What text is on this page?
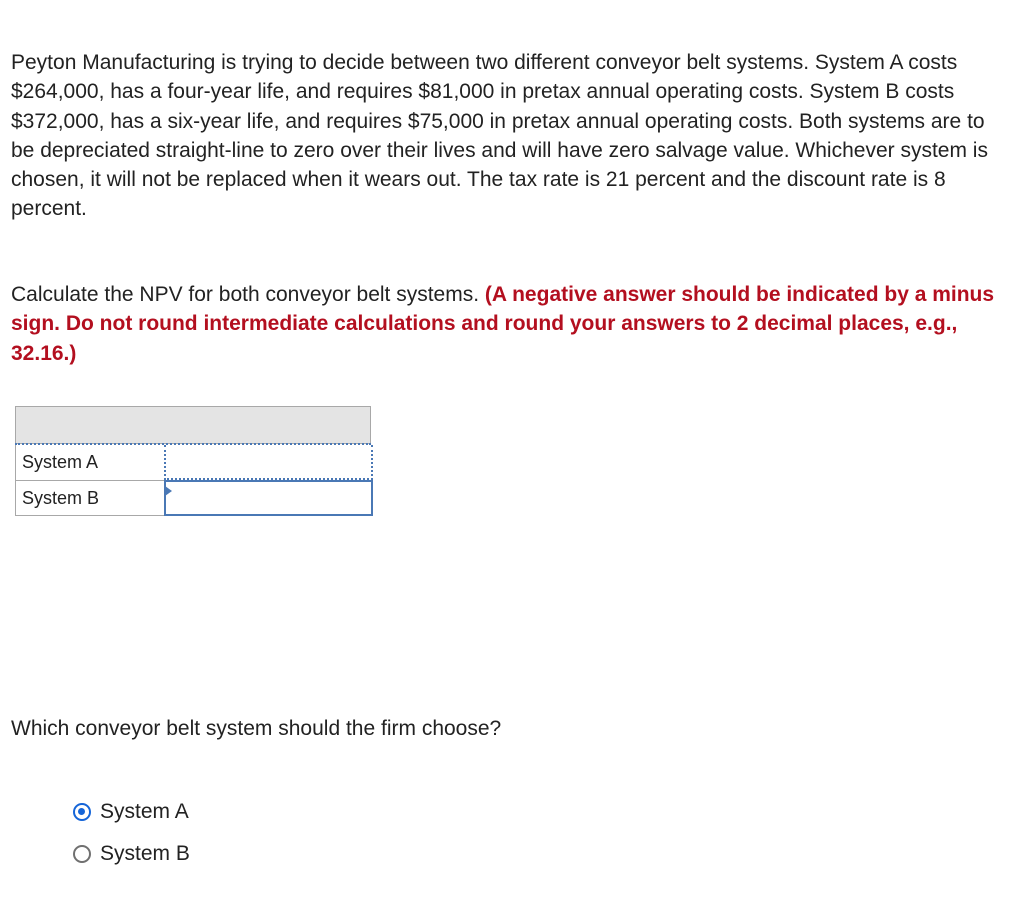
Peyton Manufacturing is trying to decide between two different conveyor belt systems. System A costs $264,000, has a four-year life, and requires $81,000 in pretax annual operating costs. System B costs $372,000, has a six-year life, and requires $75,000 in pretax annual operating costs. Both systems are to be depreciated straight-line to zero over their lives and will have zero salvage value. Whichever system is chosen, it will not be replaced when it wears out. The tax rate is 21 percent and the discount rate is 8 percent.

Calculate the NPV for both conveyor belt systems. (A negative answer should be indicated by a minus sign. Do not round intermediate calculations and round your answers to 2 decimal places, e.g., 32.16.)

System A
System B

Which conveyor belt system should the firm choose?

System A
System B
